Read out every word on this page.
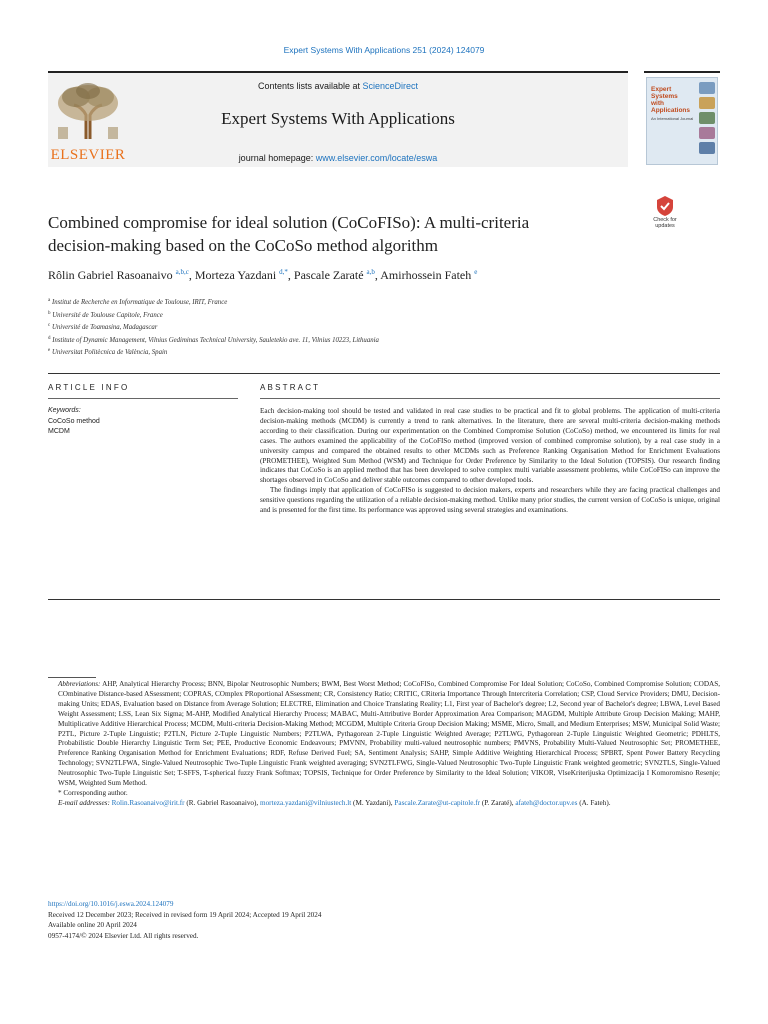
Expert Systems With Applications 251 (2024) 124079
ELSEVIER
Contents lists available at ScienceDirect
Expert Systems With Applications
journal homepage: www.elsevier.com/locate/eswa
Expert
Systems
with
Applications
An International Journal
Check for
updates
Combined compromise for ideal solution (CoCoFISo): A multi-criteria
decision-making based on the CoCoSo method algorithm
Rôlin Gabriel Rasoanaivo $^{a,b,c}$, Morteza Yazdani $^{d,*}$, Pascale Zaraté $^{a,b}$, Amirhossein Fateh $^e$
$^a$ Institut de Recherche en Informatique de Toulouse, IRIT, France
$^b$ Université de Toulouse Capitole, France
$^c$ Université de Toamasina, Madagascar
$^d$ Institute of Dynamic Management, Vilnius Gediminas Technical University, Sauletekio ave. 11, Vilnius 10223, Lithuania
$^e$ Universitat Politècnica de València, Spain
ARTICLE INFO	ABSTRACT
Keywords:
CoCoSo method
MCDM

Each decision-making tool should be tested and validated in real case studies to be practical and fit to global problems. The application of multi-criteria decision-making methods (MCDM) is currently a trend to rank alternatives. In the literature, there are several multi-criteria decision-making methods according to their classification. During our experimentation on the Combined Compromise Solution (CoCoSo) method, we encountered its limits for real cases. The authors examined the applicability of the CoCoFISo method (improved version of combined compromise solution), by a real case study in a university campus and compared the obtained results to other MCDMs such as Preference Ranking Organisation Method for Enrichment Evaluations (PROMETHEE), Weighted Sum Method (WSM) and Technique for Order Preference by Similarity to the Ideal Solution (TOPSIS). Our research finding indicates that CoCoSo is an applied method that has been developed to solve complex multi variable assessment problems, while CoCoFISo can improve the shortages observed in CoCoSo and deliver stable outcomes compared to other developed tools.

The findings imply that application of CoCoFISo is suggested to decision makers, experts and researchers while they are facing practical challenges and sensitive questions regarding the utilization of a reliable decision-making method. Unlike many prior studies, the current version of CoCoSo is unique, original and is presented for the first time. Its performance was approved using several strategies and examinations.

Abbreviations: AHP, Analytical Hierarchy Process; BNN, Bipolar Neutrosophic Numbers; BWM, Best Worst Method; CoCoFISo, Combined Compromise For Ideal Solution; CoCoSo, Combined Compromise Solution; CODAS, COmbinative Distance-based ASsessment; COPRAS, COmplex PRoportional ASsessment; CR, Consistency Ratio; CRITIC, CRiteria Importance Through Intercriteria Correlation; CSP, Cloud Service Providers; DMU, Decision-making Units; EDAS, Evaluation based on Distance from Average Solution; ELECTRE, Elimination and Choice Translating Reality; L1, First year of Bachelor's degree; L2, Second year of Bachelor's degree; LBWA, Level Based Weight Assessment; LSS, Lean Six Sigma; M-AHP, Modified Analytical Hierarchy Process; MABAC, Multi-Attributive Border Approximation Area Comparison; MAGDM, Multiple Attribute Group Decision Making; MAHP, Multiplicative Additive Hierarchical Process; MCDM, Multi-criteria Decision-Making Method; MCGDM, Multiple Criteria Group Decision Making; MSME, Micro, Small, and Medium Enterprises; MSW, Municipal Solid Waste; P2TL, Picture 2-Tuple Linguistic; P2TLN, Picture 2-Tuple Linguistic Numbers; P2TLWA, Pythagorean 2-Tuple Linguistic Weighted Average; P2TLWG, Pythagorean 2-Tuple Linguistic Weighted Geometric; PDHLTS, Probabilistic Double Hierarchy Linguistic Term Set; PEE, Productive Economic Endeavours; PMVNN, Probability multi-valued neutrosophic numbers; PMVNS, Probability Multi-Valued Neutrosophic Set; PROMETHEE, Preference Ranking Organisation Method for Enrichment Evaluations; RDF, Refuse Derived Fuel; SA, Sentiment Analysis; SAHP, Simple Additive Weighting Hierarchical Process; SPBRT, Spent Power Battery Recycling Technology; SVN2TLFWA, Single-Valued Neutrosophic Two-Tuple Linguistic Frank weighted averaging; SVN2TLFWG, Single-Valued Neutrosophic Two-Tuple Linguistic Frank weighted geometric; SVN2TLS, Single-Valued Neutrosophic Two-Tuple Linguistic Set; T-SFFS, T-spherical fuzzy Frank Softmax; TOPSIS, Technique for Order Preference by Similarity to the Ideal Solution; VIKOR, VlseKriterijuska Optimizacija I Komoromisno Resenje; WSM, Weighted Sum Method.
* Corresponding author.
E-mail addresses: Rolin.Rasoanaivo@irit.fr (R. Gabriel Rasoanaivo), morteza.yazdani@vilniustech.lt (M. Yazdani), Pascale.Zarate@ut-capitole.fr (P. Zaraté), afateh@doctor.upv.es (A. Fateh).
https://doi.org/10.1016/j.eswa.2024.124079
Received 12 December 2023; Received in revised form 19 April 2024; Accepted 19 April 2024
Available online 20 April 2024
0957-4174/© 2024 Elsevier Ltd. All rights reserved.
